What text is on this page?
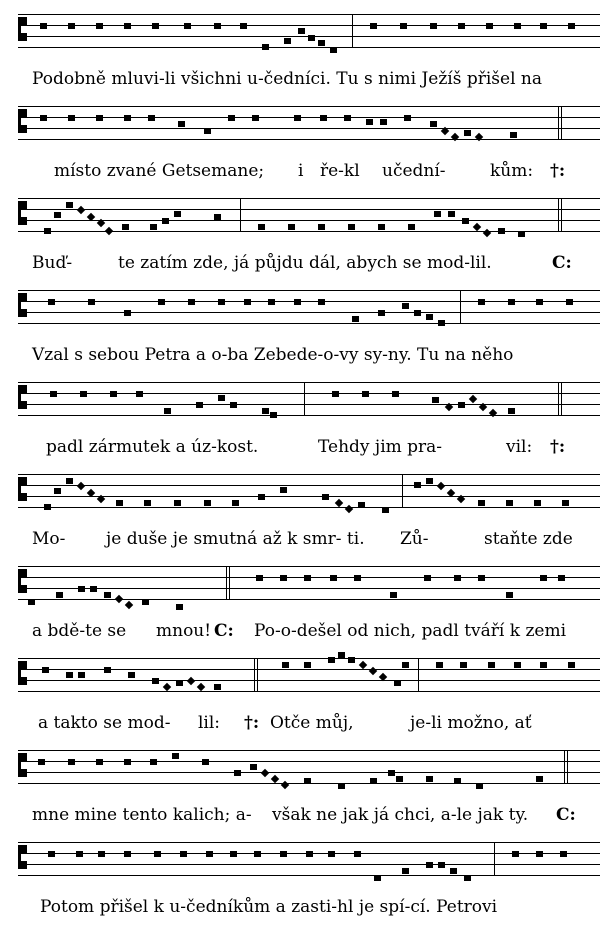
Podobně mluvi-li všichni u-čedníci. Tu s nimi Ježíš přišel na
místo zvané Getsemane; i ře-kl učední-	kům: †:
Buď-	te zatím zde, já půjdu dál, abych se mod-lil.	C:
Vzal s sebou Petra a o-ba Zebede-o-vy sy-ny. Tu na něho
padl zármutek a úz-kost.	Tehdy jim pra-	vil: †:
Mo- je duše je smutná až k smr- ti. Zů-	staňte zde
a bdě-te se mnou! C: Po-o-dešel od nich, padl tváří k zemi
a takto se mod- lil: †: Otče můj,	je-li možno, ať
mne mine tento kalich; a- však ne jak já chci, a-le jak ty. C:
Potom přišel k u-čedníkům a zasti-hl je spí-cí. Petrovi
